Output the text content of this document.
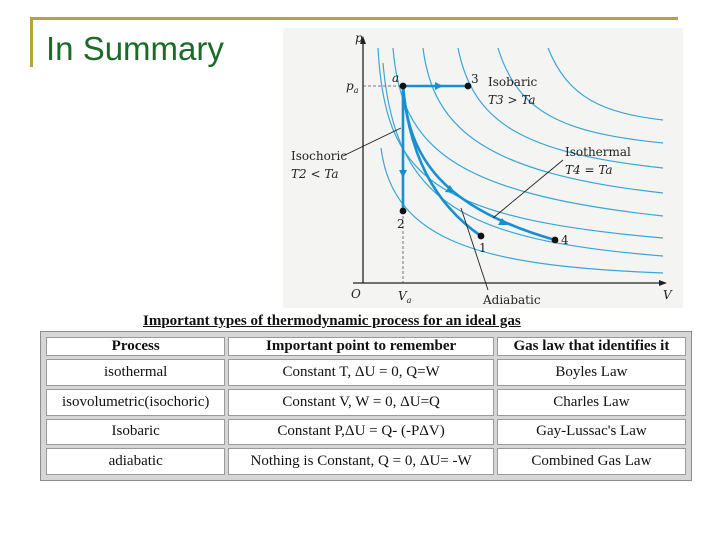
In Summary	p
V
O
$p_a$
$V_a$
a	3
2
1
4
Isobaric
T3 > Ta
Isochoric
T2 < Ta
Isothermal
T4 = Ta
Adiabatic
Important types of thermodynamic process for an ideal gas
Process	Important point to remember	Gas law that identifies it
isothermal	Constant T, ΔU = 0, Q=W	Boyles Law
isovolumetric(isochoric)	Constant V, W = 0, ΔU=Q	Charles Law
Isobaric	Constant P,ΔU = Q- (-PΔV)	Gay-Lussac's Law
adiabatic	Nothing is Constant, Q = 0, ΔU= -W	Combined Gas Law
